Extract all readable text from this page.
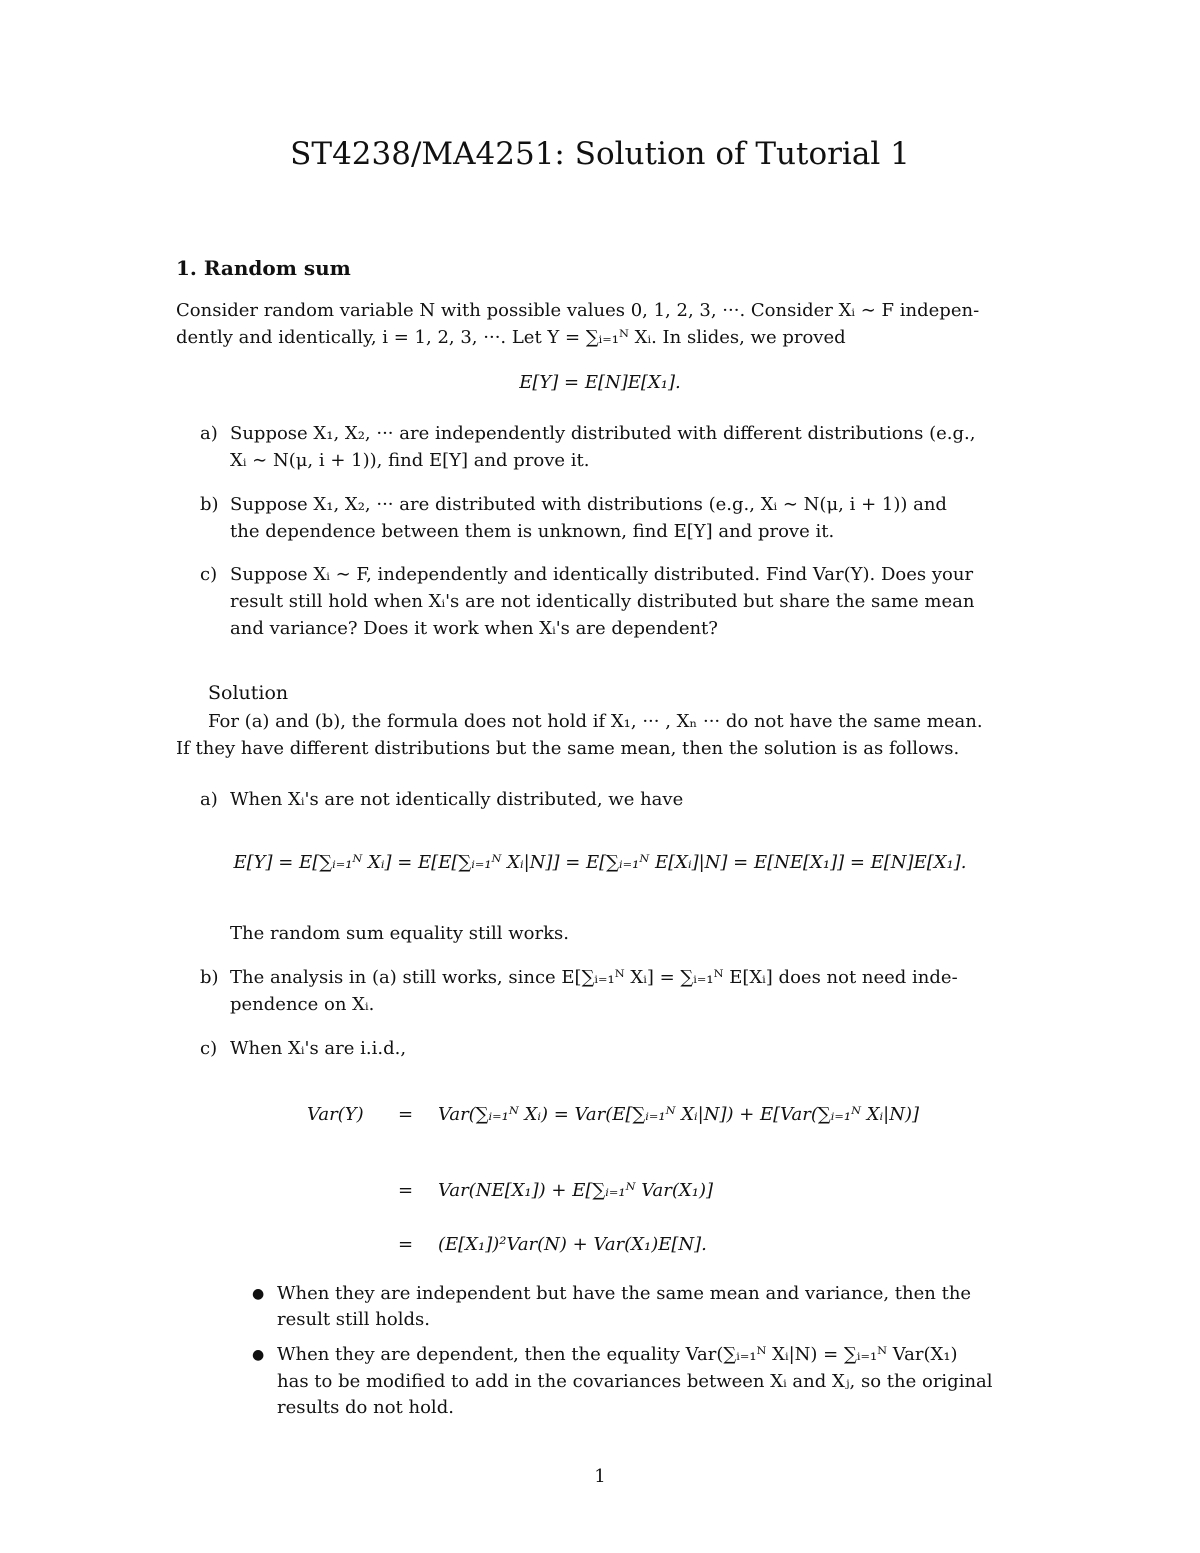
ST4238/MA4251: Solution of Tutorial 1
1. Random sum
Consider random variable N with possible values 0, 1, 2, 3, ···. Consider Xᵢ ∼ F indepen-
dently and identically, i = 1, 2, 3, ···. Let Y = ∑ᵢ₌₁ᴺ Xᵢ. In slides, we proved
E[Y] = E[N]E[X₁].
a) Suppose X₁, X₂, ··· are independently distributed with different distributions (e.g.,
Xᵢ ∼ N(μ, i + 1)), find E[Y] and prove it.
b) Suppose X₁, X₂, ··· are distributed with distributions (e.g., Xᵢ ∼ N(μ, i + 1)) and
the dependence between them is unknown, find E[Y] and prove it.
c) Suppose Xᵢ ∼ F, independently and identically distributed. Find Var(Y). Does your
result still hold when Xᵢ's are not identically distributed but share the same mean
and variance? Does it work when Xᵢ's are dependent?
Solution
For (a) and (b), the formula does not hold if X₁, ··· , Xₙ ··· do not have the same mean.
If they have different distributions but the same mean, then the solution is as follows.
a) When Xᵢ's are not identically distributed, we have
E[Y] = E[∑ᵢ₌₁ᴺ Xᵢ] = E[E[∑ᵢ₌₁ᴺ Xᵢ|N]] = E[∑ᵢ₌₁ᴺ E[Xᵢ]|N] = E[NE[X₁]] = E[N]E[X₁].
The random sum equality still works.
b) The analysis in (a) still works, since E[∑ᵢ₌₁ᴺ Xᵢ] = ∑ᵢ₌₁ᴺ E[Xᵢ] does not need inde-
pendence on Xᵢ.
c) When Xᵢ's are i.i.d.,
Var(Y) = Var(∑ᵢ₌₁ᴺ Xᵢ) = Var(E[∑ᵢ₌₁ᴺ Xᵢ|N]) + E[Var(∑ᵢ₌₁ᴺ Xᵢ|N)]
= Var(NE[X₁]) + E[∑ᵢ₌₁ᴺ Var(X₁)]
= (E[X₁])²Var(N) + Var(X₁)E[N].
● When they are independent but have the same mean and variance, then the
result still holds.
● When they are dependent, then the equality Var(∑ᵢ₌₁ᴺ Xᵢ|N) = ∑ᵢ₌₁ᴺ Var(X₁)
has to be modified to add in the covariances between Xᵢ and Xⱼ, so the original
results do not hold.
1
